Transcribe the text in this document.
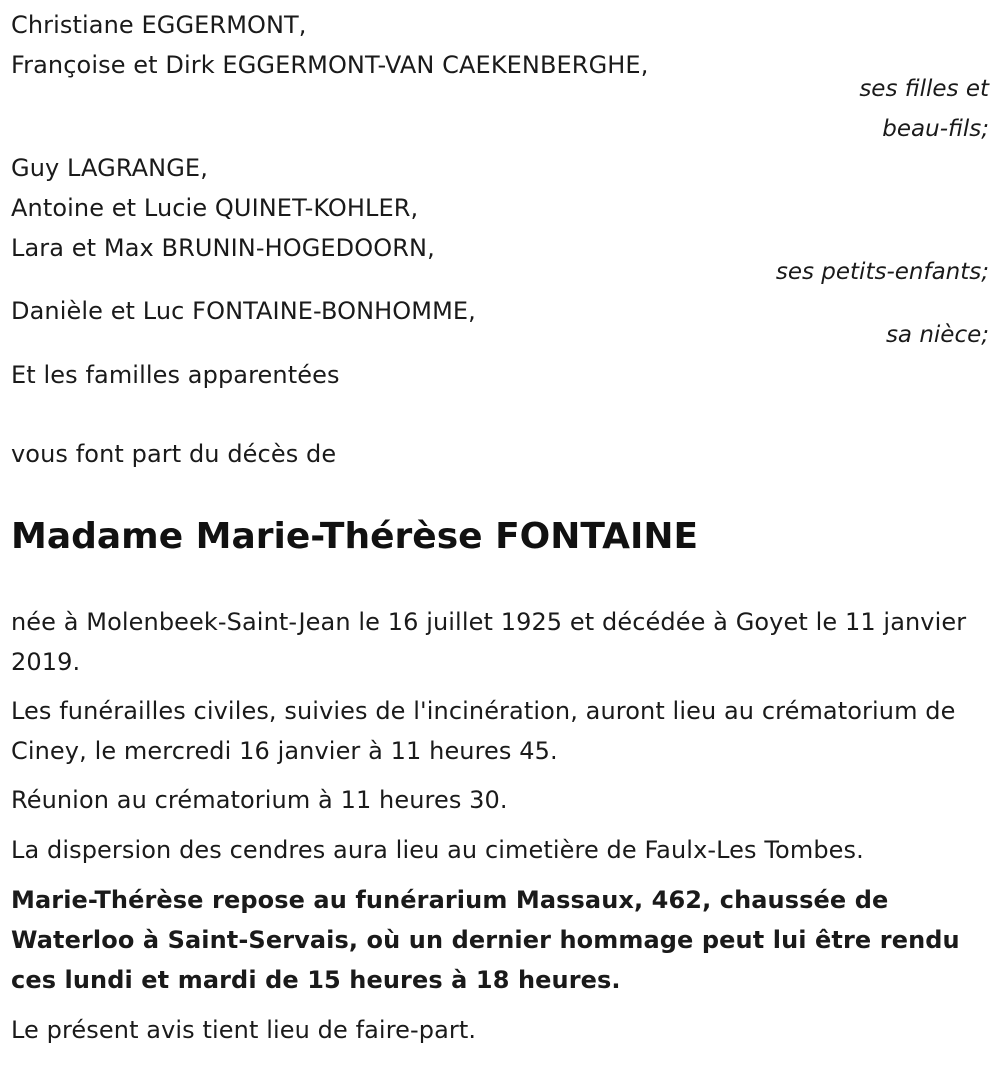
Christiane EGGERMONT,
Françoise et Dirk EGGERMONT-VAN CAEKENBERGHE,
ses filles et
beau-fils;
Guy LAGRANGE,
Antoine et Lucie QUINET-KOHLER,
Lara et Max BRUNIN-HOGEDOORN,
ses petits-enfants;
Danièle et Luc FONTAINE-BONHOMME,
sa nièce;
Et les familles apparentées
vous font part du décès de
Madame Marie-Thérèse FONTAINE
née à Molenbeek-Saint-Jean le 16 juillet 1925 et décédée à Goyet le 11 janvier 2019.
Les funérailles civiles, suivies de l'incinération, auront lieu au crématorium de Ciney, le mercredi 16 janvier à 11 heures 45.
Réunion au crématorium à 11 heures 30.
La dispersion des cendres aura lieu au cimetière de Faulx-Les Tombes.
Marie-Thérèse repose au funérarium Massaux, 462, chaussée de Waterloo à Saint-Servais, où un dernier hommage peut lui être rendu ces lundi et mardi de 15 heures à 18 heures.
Le présent avis tient lieu de faire-part.
